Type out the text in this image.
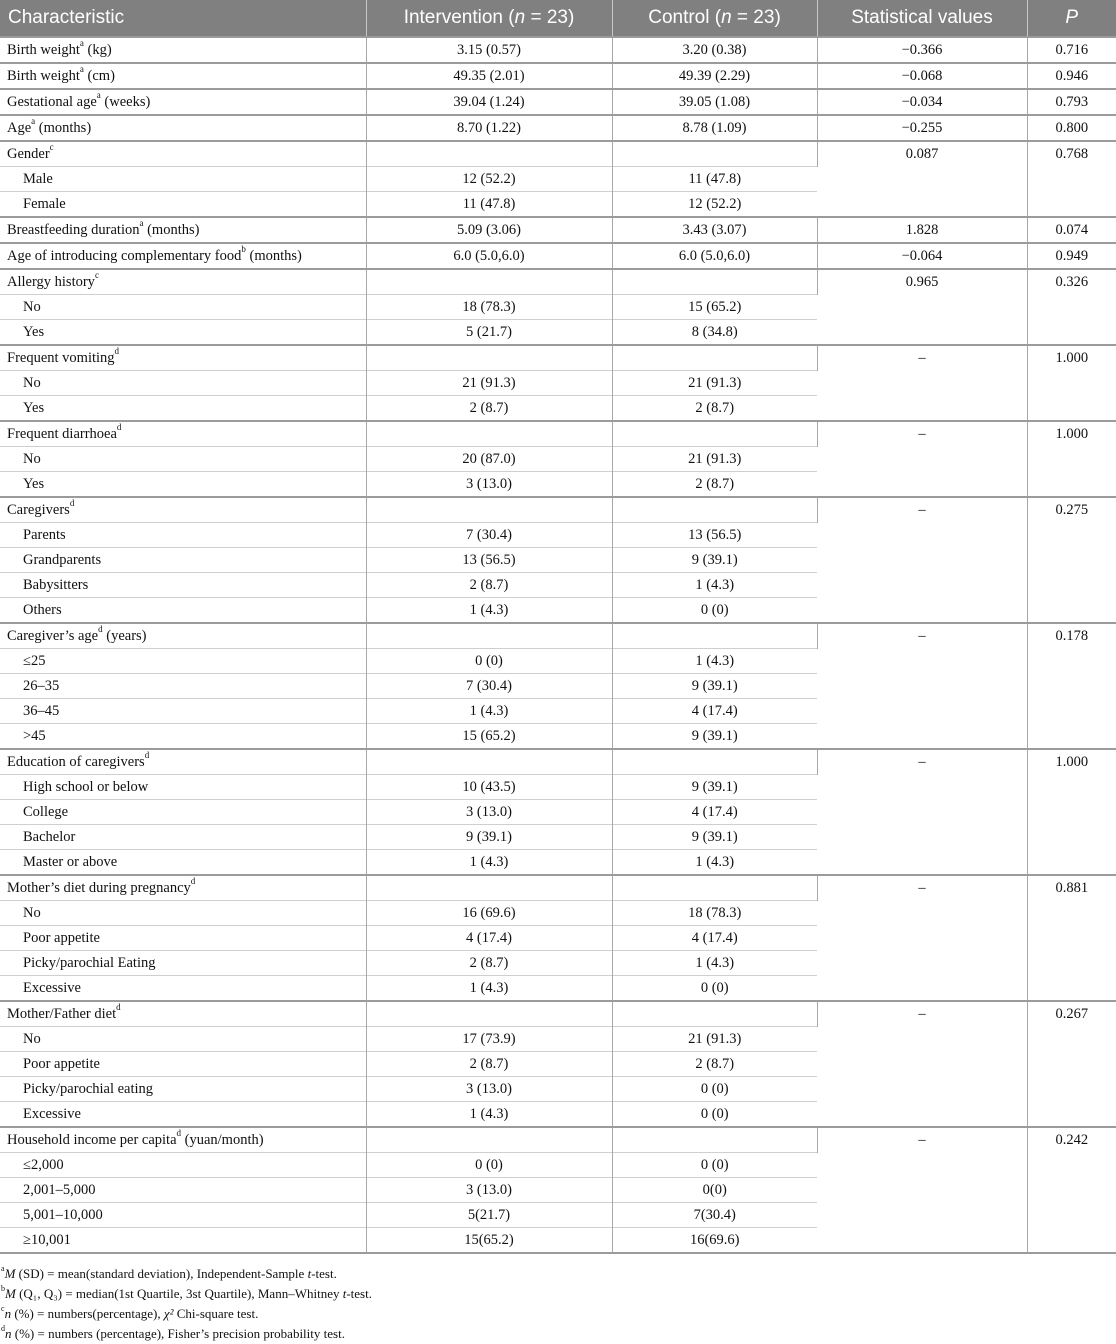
Characteristic	Intervention (n = 23)	Control (n = 23)	Statistical values	P
Birth weight$^a$ (kg)	3.15 (0.57)	3.20 (0.38)	−0.366	0.716
Birth weight$^a$ (cm)	49.35 (2.01)	49.39 (2.29)	−0.068	0.946
Gestational age$^a$ (weeks)	39.04 (1.24)	39.05 (1.08)	−0.034	0.793
Age$^a$ (months)	8.70 (1.22)	8.78 (1.09)	−0.255	0.800
Gender$^c$			0.087	0.768
Male	12 (52.2)	11 (47.8)		
Female	11 (47.8)	12 (52.2)		
Breastfeeding duration$^a$ (months)	5.09 (3.06)	3.43 (3.07)	1.828	0.074
Age of introducing complementary food$^b$ (months)	6.0 (5.0,6.0)	6.0 (5.0,6.0)	−0.064	0.949
Allergy history$^c$			0.965	0.326
No	18 (78.3)	15 (65.2)		
Yes	5 (21.7)	8 (34.8)		
Frequent vomiting$^d$			–	1.000
No	21 (91.3)	21 (91.3)		
Yes	2 (8.7)	2 (8.7)		
Frequent diarrhoea$^d$			–	1.000
No	20 (87.0)	21 (91.3)		
Yes	3 (13.0)	2 (8.7)		
Caregivers$^d$			–	0.275
Parents	7 (30.4)	13 (56.5)		
Grandparents	13 (56.5)	9 (39.1)		
Babysitters	2 (8.7)	1 (4.3)		
Others	1 (4.3)	0 (0)		
Caregiver’s age$^d$ (years)			–	0.178
≤25	0 (0)	1 (4.3)		
26–35	7 (30.4)	9 (39.1)		
36–45	1 (4.3)	4 (17.4)		
>45	15 (65.2)	9 (39.1)		
Education of caregivers$^d$			–	1.000
High school or below	10 (43.5)	9 (39.1)		
College	3 (13.0)	4 (17.4)		
Bachelor	9 (39.1)	9 (39.1)		
Master or above	1 (4.3)	1 (4.3)		
Mother’s diet during pregnancy$^d$			–	0.881
No	16 (69.6)	18 (78.3)		
Poor appetite	4 (17.4)	4 (17.4)		
Picky/parochial Eating	2 (8.7)	1 (4.3)		
Excessive	1 (4.3)	0 (0)		
Mother/Father diet$^d$			–	0.267
No	17 (73.9)	21 (91.3)		
Poor appetite	2 (8.7)	2 (8.7)		
Picky/parochial eating	3 (13.0)	0 (0)		
Excessive	1 (4.3)	0 (0)		
Household income per capita$^d$ (yuan/month)			–	0.242
≤2,000	0 (0)	0 (0)		
2,001–5,000	3 (13.0)	0(0)		
5,001–10,000	5(21.7)	7(30.4)		
≥10,001	15(65.2)	16(69.6)		
$^a$M (SD) = mean(standard deviation), Independent-Sample t-test.
$^b$M (Q₁, Q₃) = median(1st Quartile, 3st Quartile), Mann–Whitney t-test.
$^c$n (%) = numbers(percentage), χ² Chi-square test.
$^d$n (%) = numbers (percentage), Fisher’s precision probability test.
